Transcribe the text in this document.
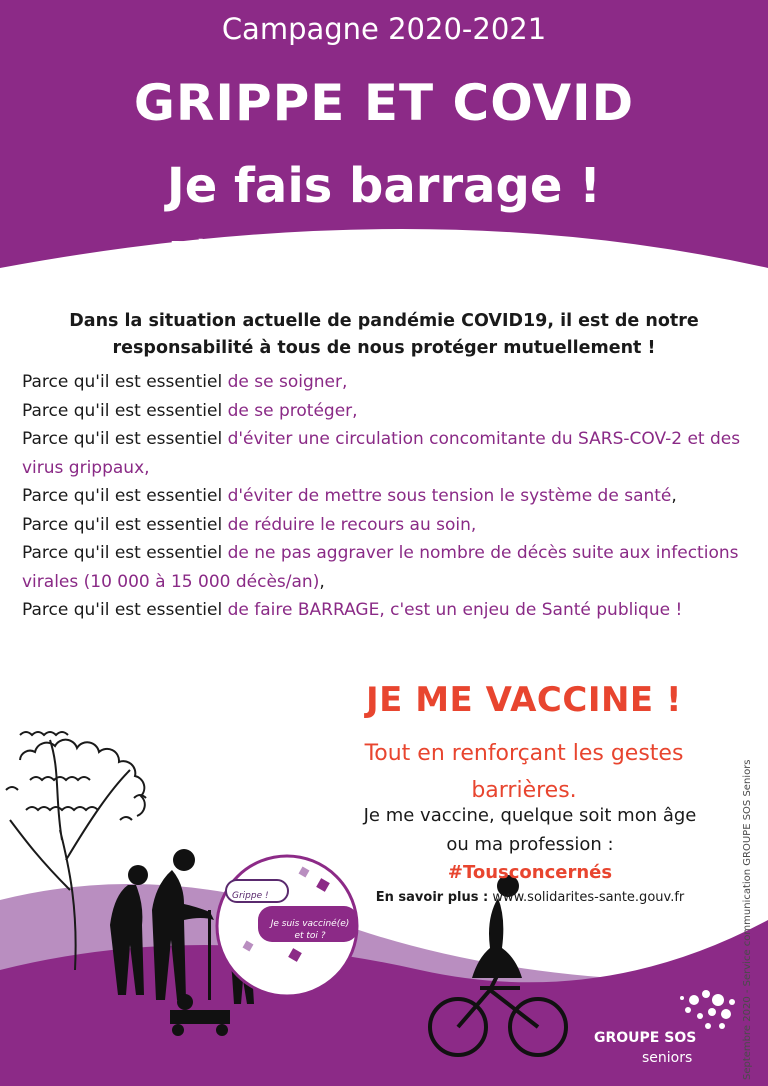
Campagne 2020-2021
GRIPPE ET COVID
Je fais barrage !
Dès le 13 octobre 2020,
France Métropolitaine
Dans la situation actuelle de pandémie COVID19, il est de notre
responsabilité à tous de nous protéger mutuellement !
Parce qu'il est essentiel de se soigner,
Parce qu'il est essentiel de se protéger,
Parce qu'il est essentiel d'éviter une circulation concomitante du SARS-COV-2 et des virus grippaux,
Parce qu'il est essentiel d'éviter de mettre sous tension le système de santé,
Parce qu'il est essentiel de réduire le recours au soin,
Parce qu'il est essentiel de ne pas aggraver le nombre de décès suite aux infections virales (10 000 à 15 000 décès/an),
Parce qu'il est essentiel de faire BARRAGE, c'est un enjeu de Santé publique !
Grippe !
Je suis vacciné(e)
et toi ?
JE ME VACCINE !
Tout en renforçant les gestes
barrières.
Je me vaccine, quelque soit mon âge
ou ma profession :
#Tousconcernés
En savoir plus : www.solidarites-sante.gouv.fr
GROUPE SOS
seniors	Septembre 2020 - Service communication GROUPE SOS Seniors
